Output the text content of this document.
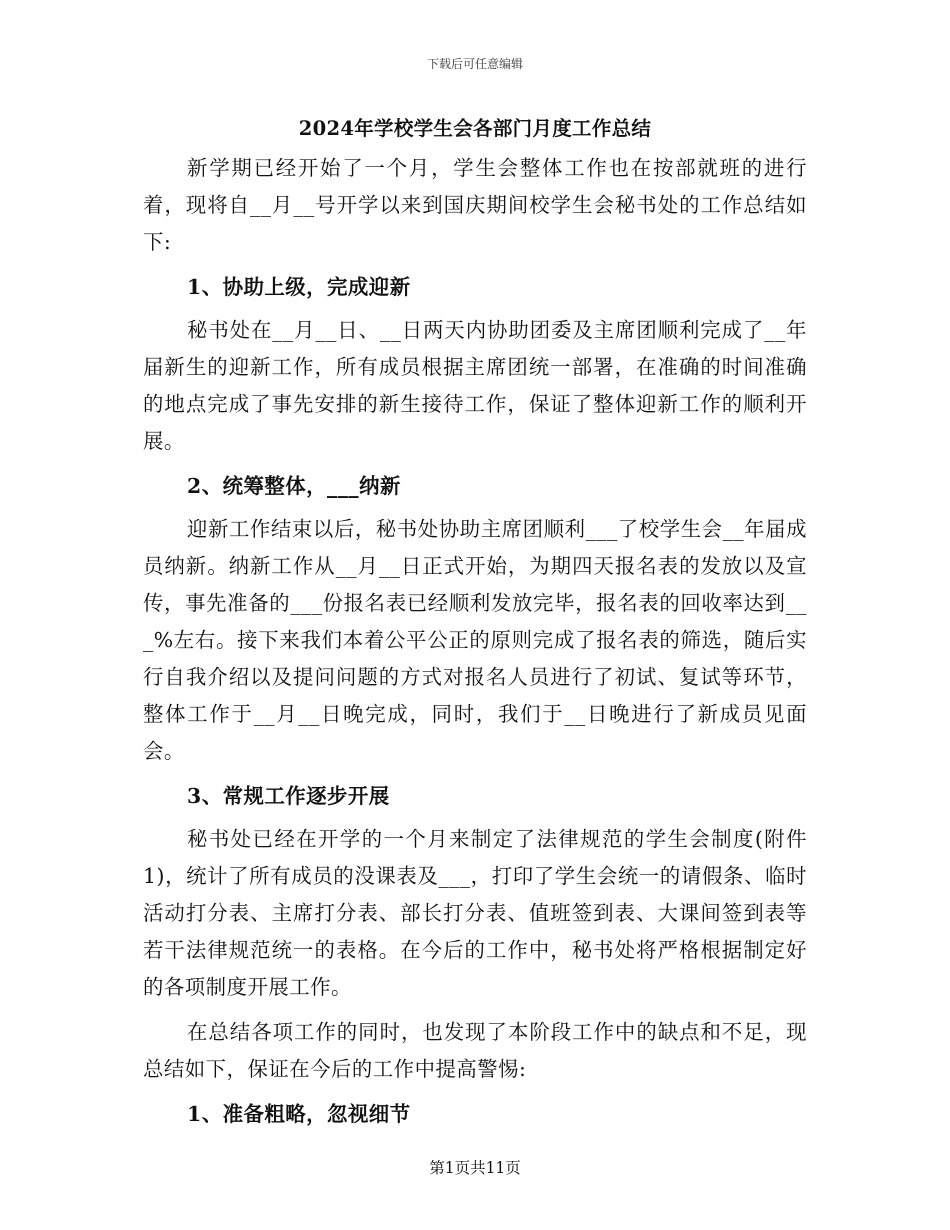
下载后可任意编辑
2024年学校学生会各部门月度工作总结

新学期已经开始了一个月，学生会整体工作也在按部就班的进行着，现将自__月__号开学以来到国庆期间校学生会秘书处的工作总结如下:

1、协助上级，完成迎新

秘书处在__月__日、__日两天内协助团委及主席团顺利完成了__年届新生的迎新工作，所有成员根据主席团统一部署，在准确的时间准确的地点完成了事先安排的新生接待工作，保证了整体迎新工作的顺利开展。

2、统筹整体，___纳新

迎新工作结束以后，秘书处协助主席团顺利___了校学生会__年届成员纳新。纳新工作从__月__日正式开始，为期四天报名表的发放以及宣传，事先准备的___份报名表已经顺利发放完毕，报名表的回收率达到___%左右。接下来我们本着公平公正的原则完成了报名表的筛选，随后实行自我介绍以及提问问题的方式对报名人员进行了初试、复试等环节，整体工作于__月__日晚完成，同时，我们于__日晚进行了新成员见面会。

3、常规工作逐步开展

秘书处已经在开学的一个月来制定了法律规范的学生会制度(附件1)，统计了所有成员的没课表及___，打印了学生会统一的请假条、临时活动打分表、主席打分表、部长打分表、值班签到表、大课间签到表等若干法律规范统一的表格。在今后的工作中，秘书处将严格根据制定好的各项制度开展工作。

在总结各项工作的同时，也发现了本阶段工作中的缺点和不足，现总结如下，保证在今后的工作中提高警惕:

1、准备粗略，忽视细节
第1页共11页
